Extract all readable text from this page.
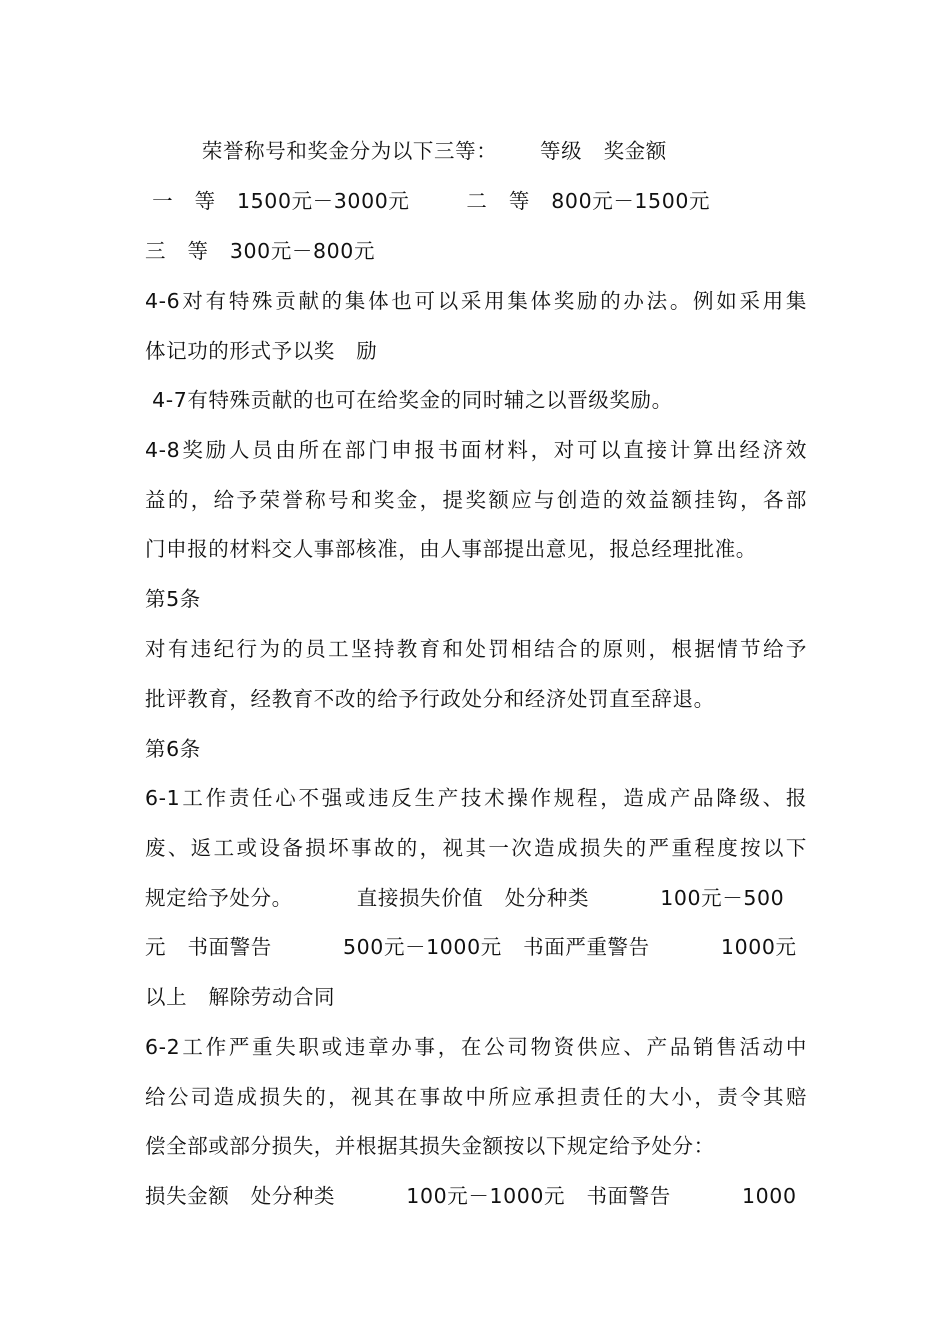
荣誉称号和奖金分为以下三等：      等级   奖金额
一   等   1500元－3000元        二   等   800元－1500元
三   等   300元－800元
4-6对有特殊贡献的集体也可以采用集体奖励的办法。例如采用集
体记功的形式予以奖   励
4-7有特殊贡献的也可在给奖金的同时辅之以晋级奖励。
4-8奖励人员由所在部门申报书面材料，对可以直接计算出经济效
益的，给予荣誉称号和奖金，提奖额应与创造的效益额挂钩，各部
门申报的材料交人事部核准，由人事部提出意见，报总经理批准。
第5条
对有违纪行为的员工坚持教育和处罚相结合的原则，根据情节给予
批评教育，经教育不改的给予行政处分和经济处罚直至辞退。
第6条
6-1工作责任心不强或违反生产技术操作规程，造成产品降级、报
废、返工或设备损坏事故的，视其一次造成损失的严重程度按以下
规定给予处分。         直接损失价值   处分种类          100元－500
元   书面警告          500元－1000元   书面严重警告          1000元
以上   解除劳动合同
6-2工作严重失职或违章办事，在公司物资供应、产品销售活动中
给公司造成损失的，视其在事故中所应承担责任的大小，责令其赔
偿全部或部分损失，并根据其损失金额按以下规定给予处分：
损失金额   处分种类          100元－1000元   书面警告          1000
